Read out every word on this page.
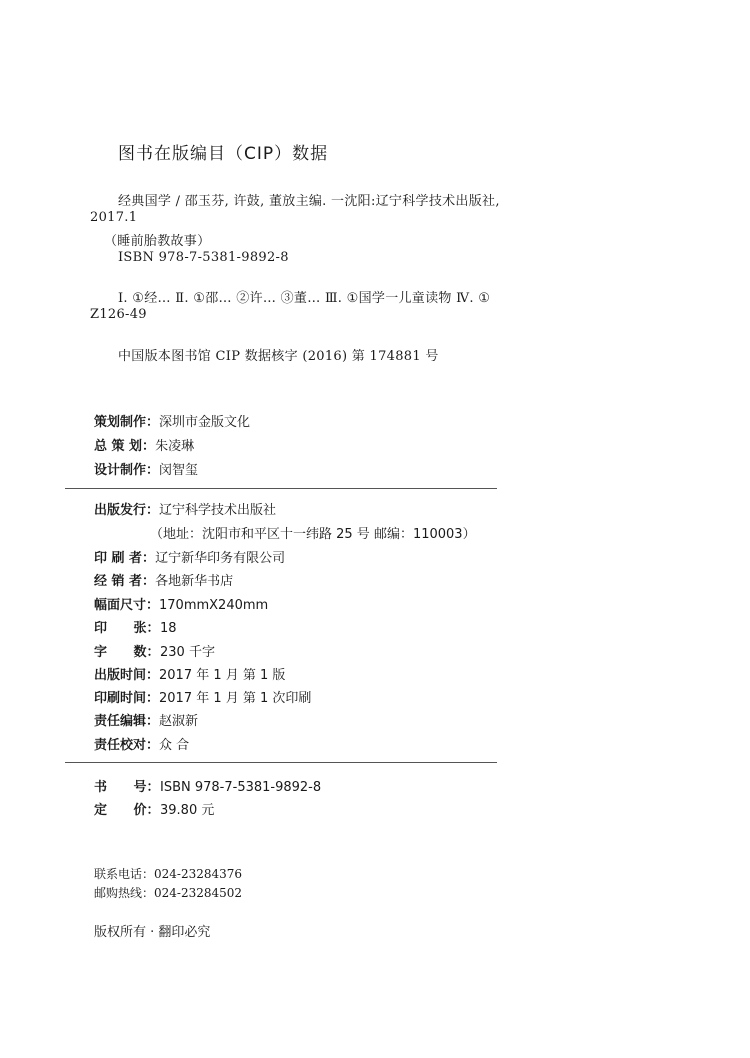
图书在版编目（CIP）数据
经典国学 / 邵玉芬, 许鼓, 董放主编. 一沈阳:辽宁科学技术出版社,
2017.1
（睡前胎教故事）
ISBN 978-7-5381-9892-8
Ⅰ. ①经… Ⅱ. ①邵… ②许… ③董… Ⅲ. ①国学一儿童读物 Ⅳ. ①
Z126-49
中国版本图书馆 CIP 数据核字 (2016) 第 174881 号
策划制作：深圳市金版文化
总 策 划：朱凌琳
设计制作：闵智玺
出版发行：辽宁科学技术出版社
（地址：沈阳市和平区十一纬路 25 号 邮编：110003）
印 刷 者：辽宁新华印务有限公司
经 销 者：各地新华书店
幅面尺寸：170mmX240mm
印 张：18
字 数：230 千字
出版时间：2017 年 1 月 第 1 版
印刷时间：2017 年 1 月 第 1 次印刷
责任编辑：赵淑新
责任校对：众 合
书 号：ISBN 978-7-5381-9892-8
定 价：39.80 元
联系电话：024-23284376
邮购热线：024-23284502
版权所有 · 翻印必究
